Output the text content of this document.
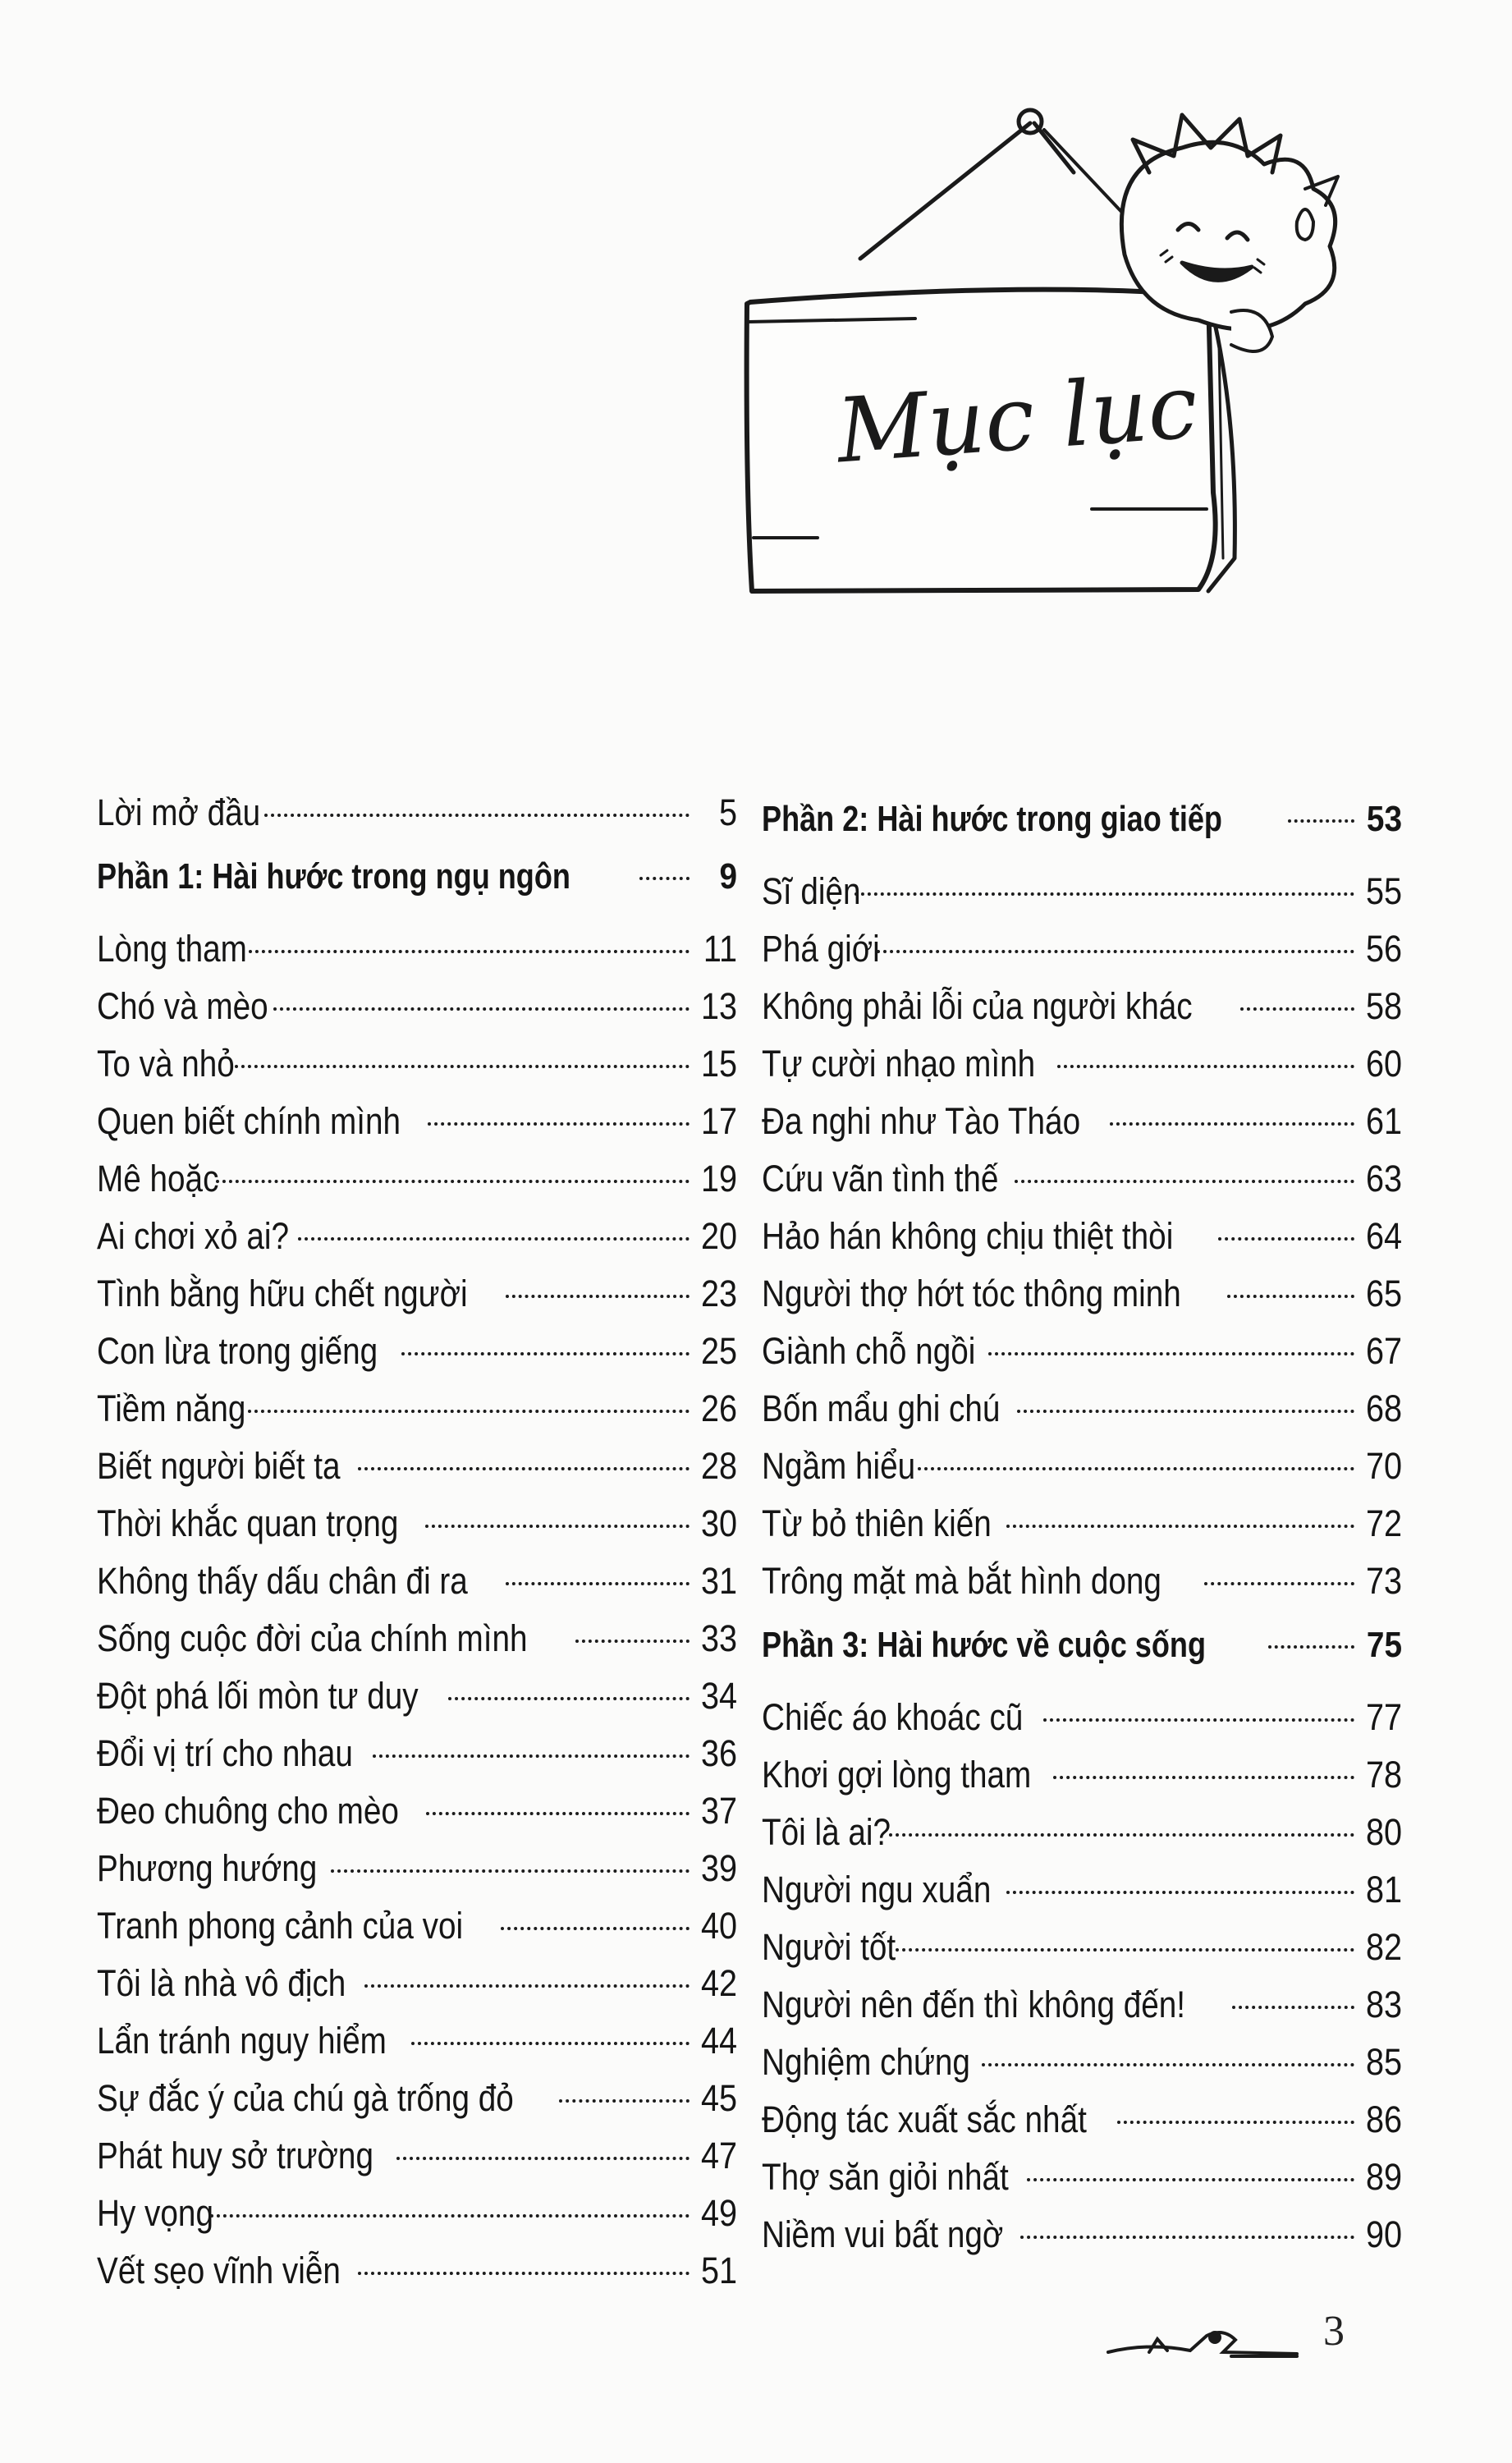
Mục lục
Lời mở đầu	5
Phần 1: Hài hước trong ngụ ngôn	9
Lòng tham	11
Chó và mèo	13
To và nhỏ	15
Quen biết chính mình	17
Mê hoặc	19
Ai chơi xỏ ai?	20
Tình bằng hữu chết người	23
Con lừa trong giếng	25
Tiềm năng	26
Biết người biết ta	28
Thời khắc quan trọng	30
Không thấy dấu chân đi ra	31
Sống cuộc đời của chính mình	33
Đột phá lối mòn tư duy	34
Đổi vị trí cho nhau	36
Đeo chuông cho mèo	37
Phương hướng	39
Tranh phong cảnh của voi	40
Tôi là nhà vô địch	42
Lẩn tránh nguy hiểm	44
Sự đắc ý của chú gà trống đỏ	45
Phát huy sở trường	47
Hy vọng	49
Vết sẹo vĩnh viễn	51
Phần 2: Hài hước trong giao tiếp	53
Sĩ diện	55
Phá giới	56
Không phải lỗi của người khác	58
Tự cười nhạo mình	60
Đa nghi như Tào Tháo	61
Cứu vãn tình thế	63
Hảo hán không chịu thiệt thòi	64
Người thợ hớt tóc thông minh	65
Giành chỗ ngồi	67
Bốn mẩu ghi chú	68
Ngầm hiểu	70
Từ bỏ thiên kiến	72
Trông mặt mà bắt hình dong	73
Phần 3: Hài hước về cuộc sống	75
Chiếc áo khoác cũ	77
Khơi gợi lòng tham	78
Tôi là ai?	80
Người ngu xuẩn	81
Người tốt	82
Người nên đến thì không đến!	83
Nghiệm chứng	85
Động tác xuất sắc nhất	86
Thợ săn giỏi nhất	89
Niềm vui bất ngờ	90
3
